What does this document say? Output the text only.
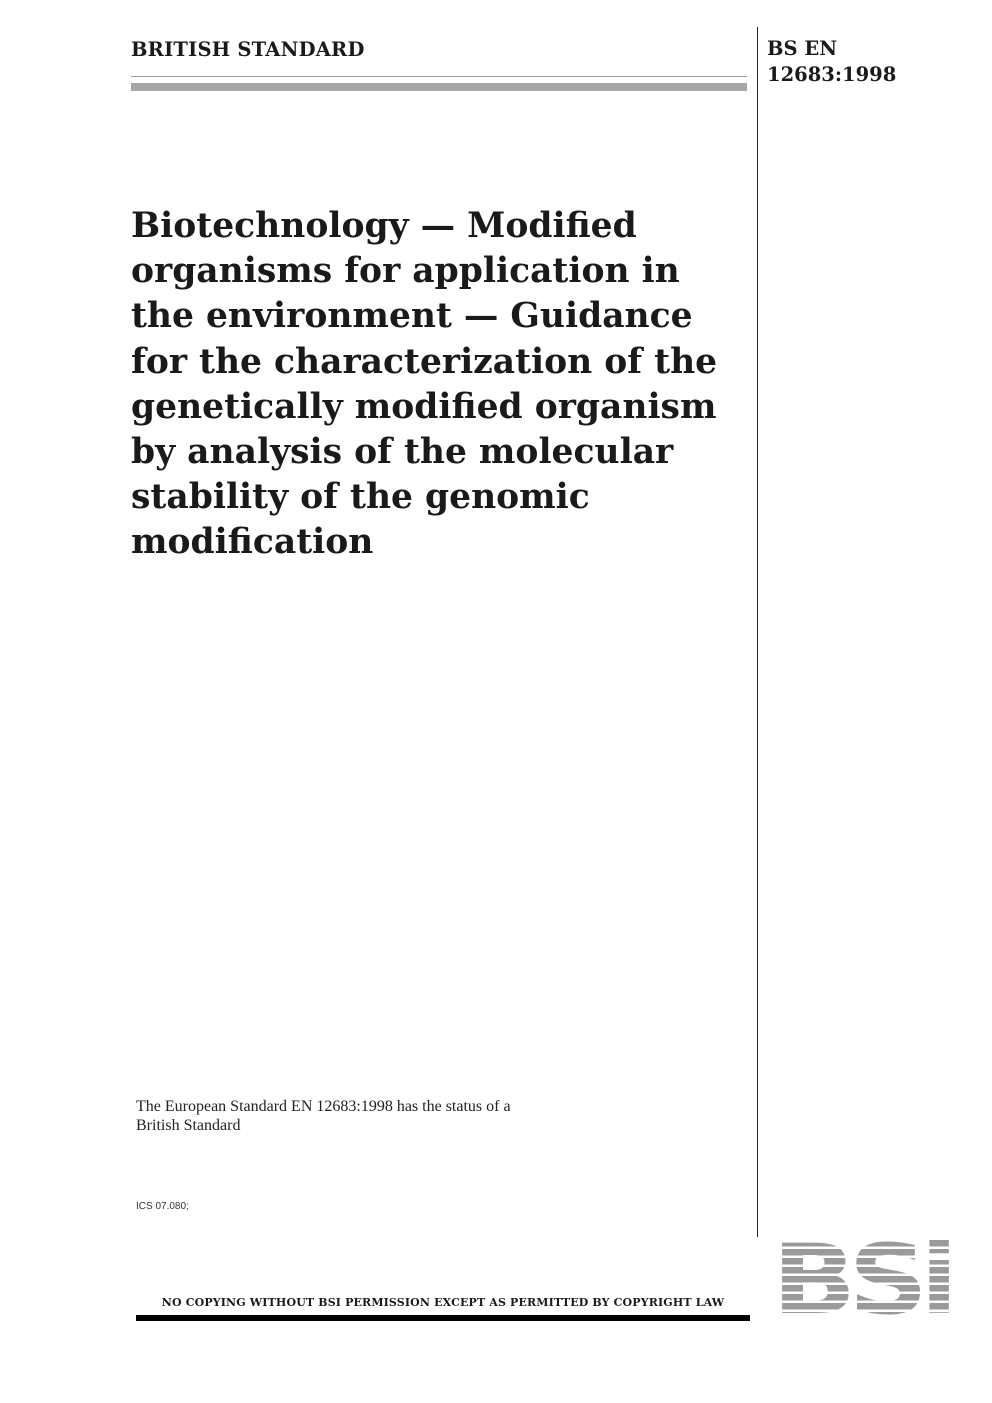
BRITISH STANDARD	BS EN
12683:1998
Biotechnology — Modified
organisms for application in
the environment — Guidance
for the characterization of the
genetically modified organism
by analysis of the molecular
stability of the genomic
modification
The European Standard EN 12683:1998 has the status of a
British Standard
ICS 07.080;
NO COPYING WITHOUT BSI PERMISSION EXCEPT AS PERMITTED BY COPYRIGHT LAW
